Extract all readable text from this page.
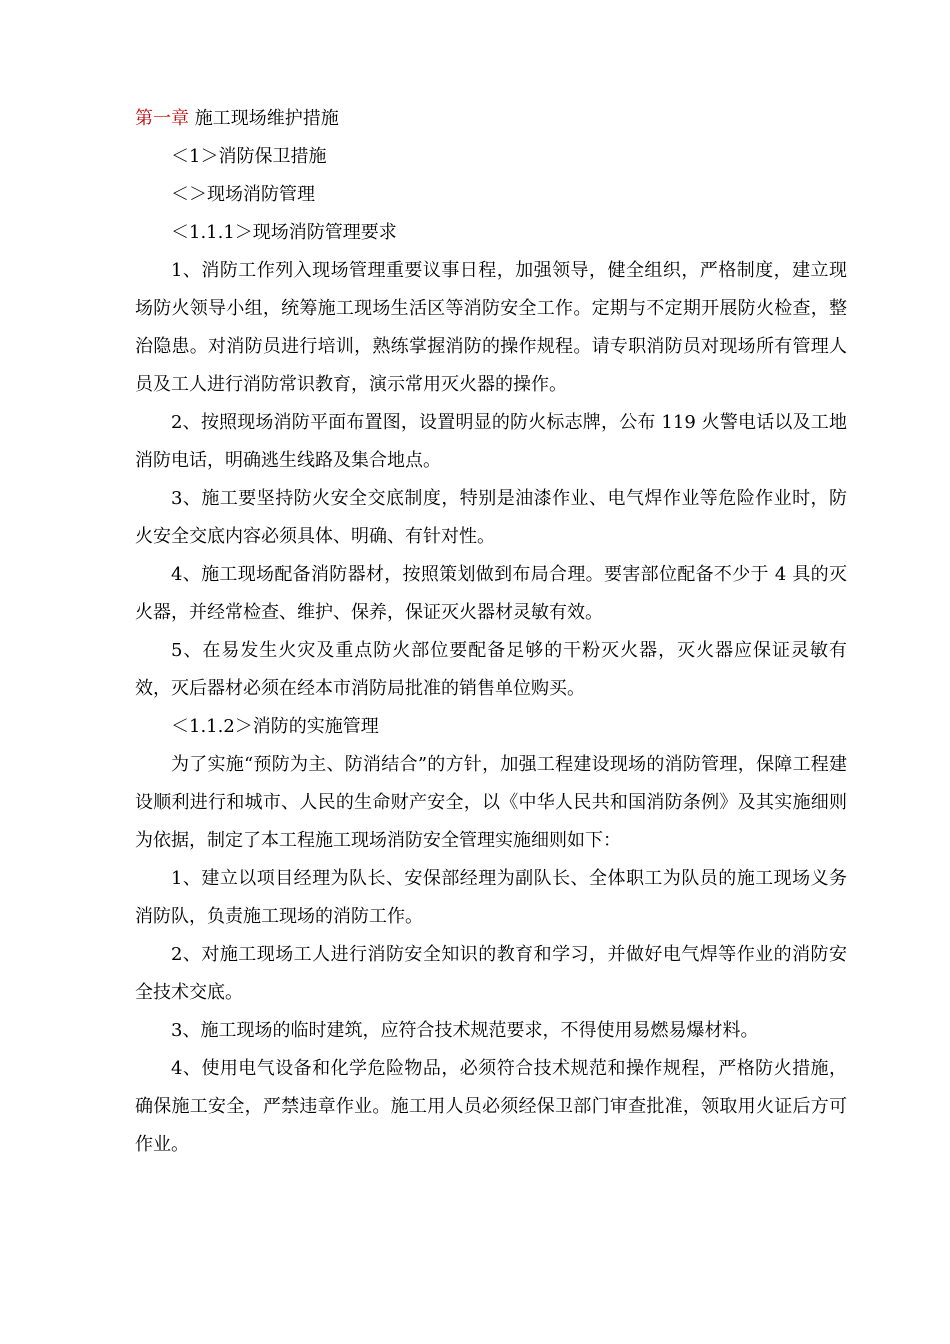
第一章 施工现场维护措施

＜1＞消防保卫措施

＜＞现场消防管理

＜1.1.1＞现场消防管理要求

1、消防工作列入现场管理重要议事日程，加强领导，健全组织，严格制度，建立现场防火领导小组，统筹施工现场生活区等消防安全工作。定期与不定期开展防火检查，整治隐患。对消防员进行培训，熟练掌握消防的操作规程。请专职消防员对现场所有管理人员及工人进行消防常识教育，演示常用灭火器的操作。

2、按照现场消防平面布置图，设置明显的防火标志牌，公布 119 火警电话以及工地消防电话，明确逃生线路及集合地点。

3、施工要坚持防火安全交底制度，特别是油漆作业、电气焊作业等危险作业时，防火安全交底内容必须具体、明确、有针对性。

4、施工现场配备消防器材，按照策划做到布局合理。要害部位配备不少于 4 具的灭火器，并经常检查、维护、保养，保证灭火器材灵敏有效。

5、在易发生火灾及重点防火部位要配备足够的干粉灭火器，灭火器应保证灵敏有效，灭后器材必须在经本市消防局批准的销售单位购买。

＜1.1.2＞消防的实施管理

为了实施“预防为主、防消结合”的方针，加强工程建设现场的消防管理，保障工程建设顺利进行和城市、人民的生命财产安全，以《中华人民共和国消防条例》及其实施细则为依据，制定了本工程施工现场消防安全管理实施细则如下：

1、建立以项目经理为队长、安保部经理为副队长、全体职工为队员的施工现场义务消防队，负责施工现场的消防工作。

2、对施工现场工人进行消防安全知识的教育和学习，并做好电气焊等作业的消防安全技术交底。

3、施工现场的临时建筑，应符合技术规范要求，不得使用易燃易爆材料。

4、使用电气设备和化学危险物品，必须符合技术规范和操作规程，严格防火措施，确保施工安全，严禁违章作业。施工用人员必须经保卫部门审查批准，领取用火证后方可作业。
